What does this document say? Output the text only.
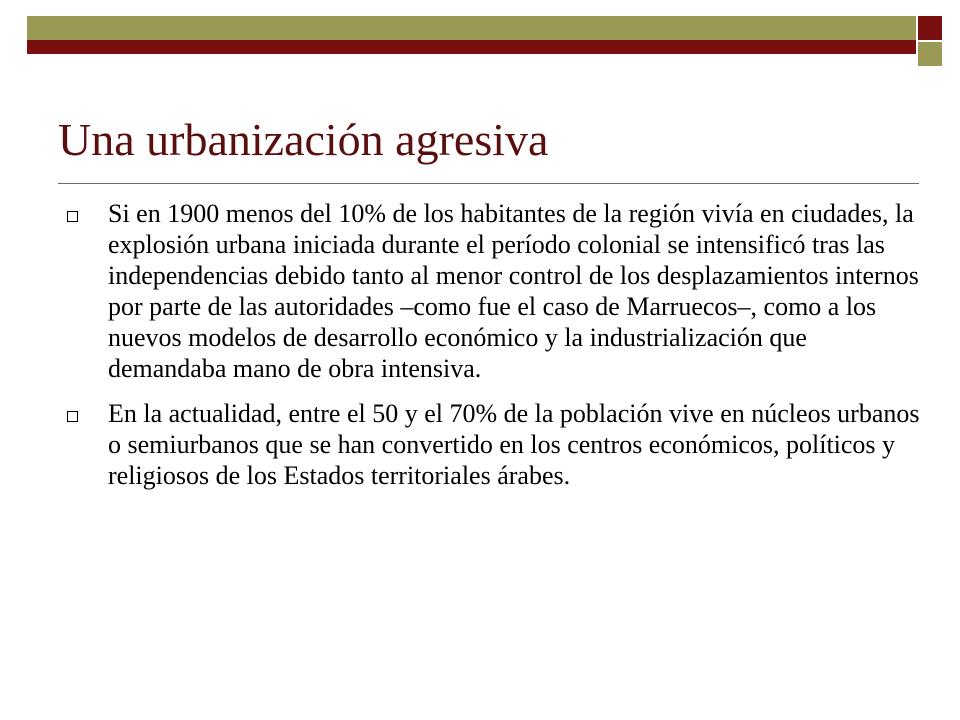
Una urbanización agresiva

Si en 1900 menos del 10% de los habitantes de la región vivía en ciudades, la explosión urbana iniciada durante el período colonial se intensificó tras las independencias debido tanto al menor control de los desplazamientos internos por parte de las autoridades –como fue el caso de Marruecos–, como a los nuevos modelos de desarrollo económico y la industrialización que demandaba mano de obra intensiva.

En la actualidad, entre el 50 y el 70% de la población vive en núcleos urbanos o semiurbanos que se han convertido en los centros económicos, políticos y religiosos de los Estados territoriales árabes.
